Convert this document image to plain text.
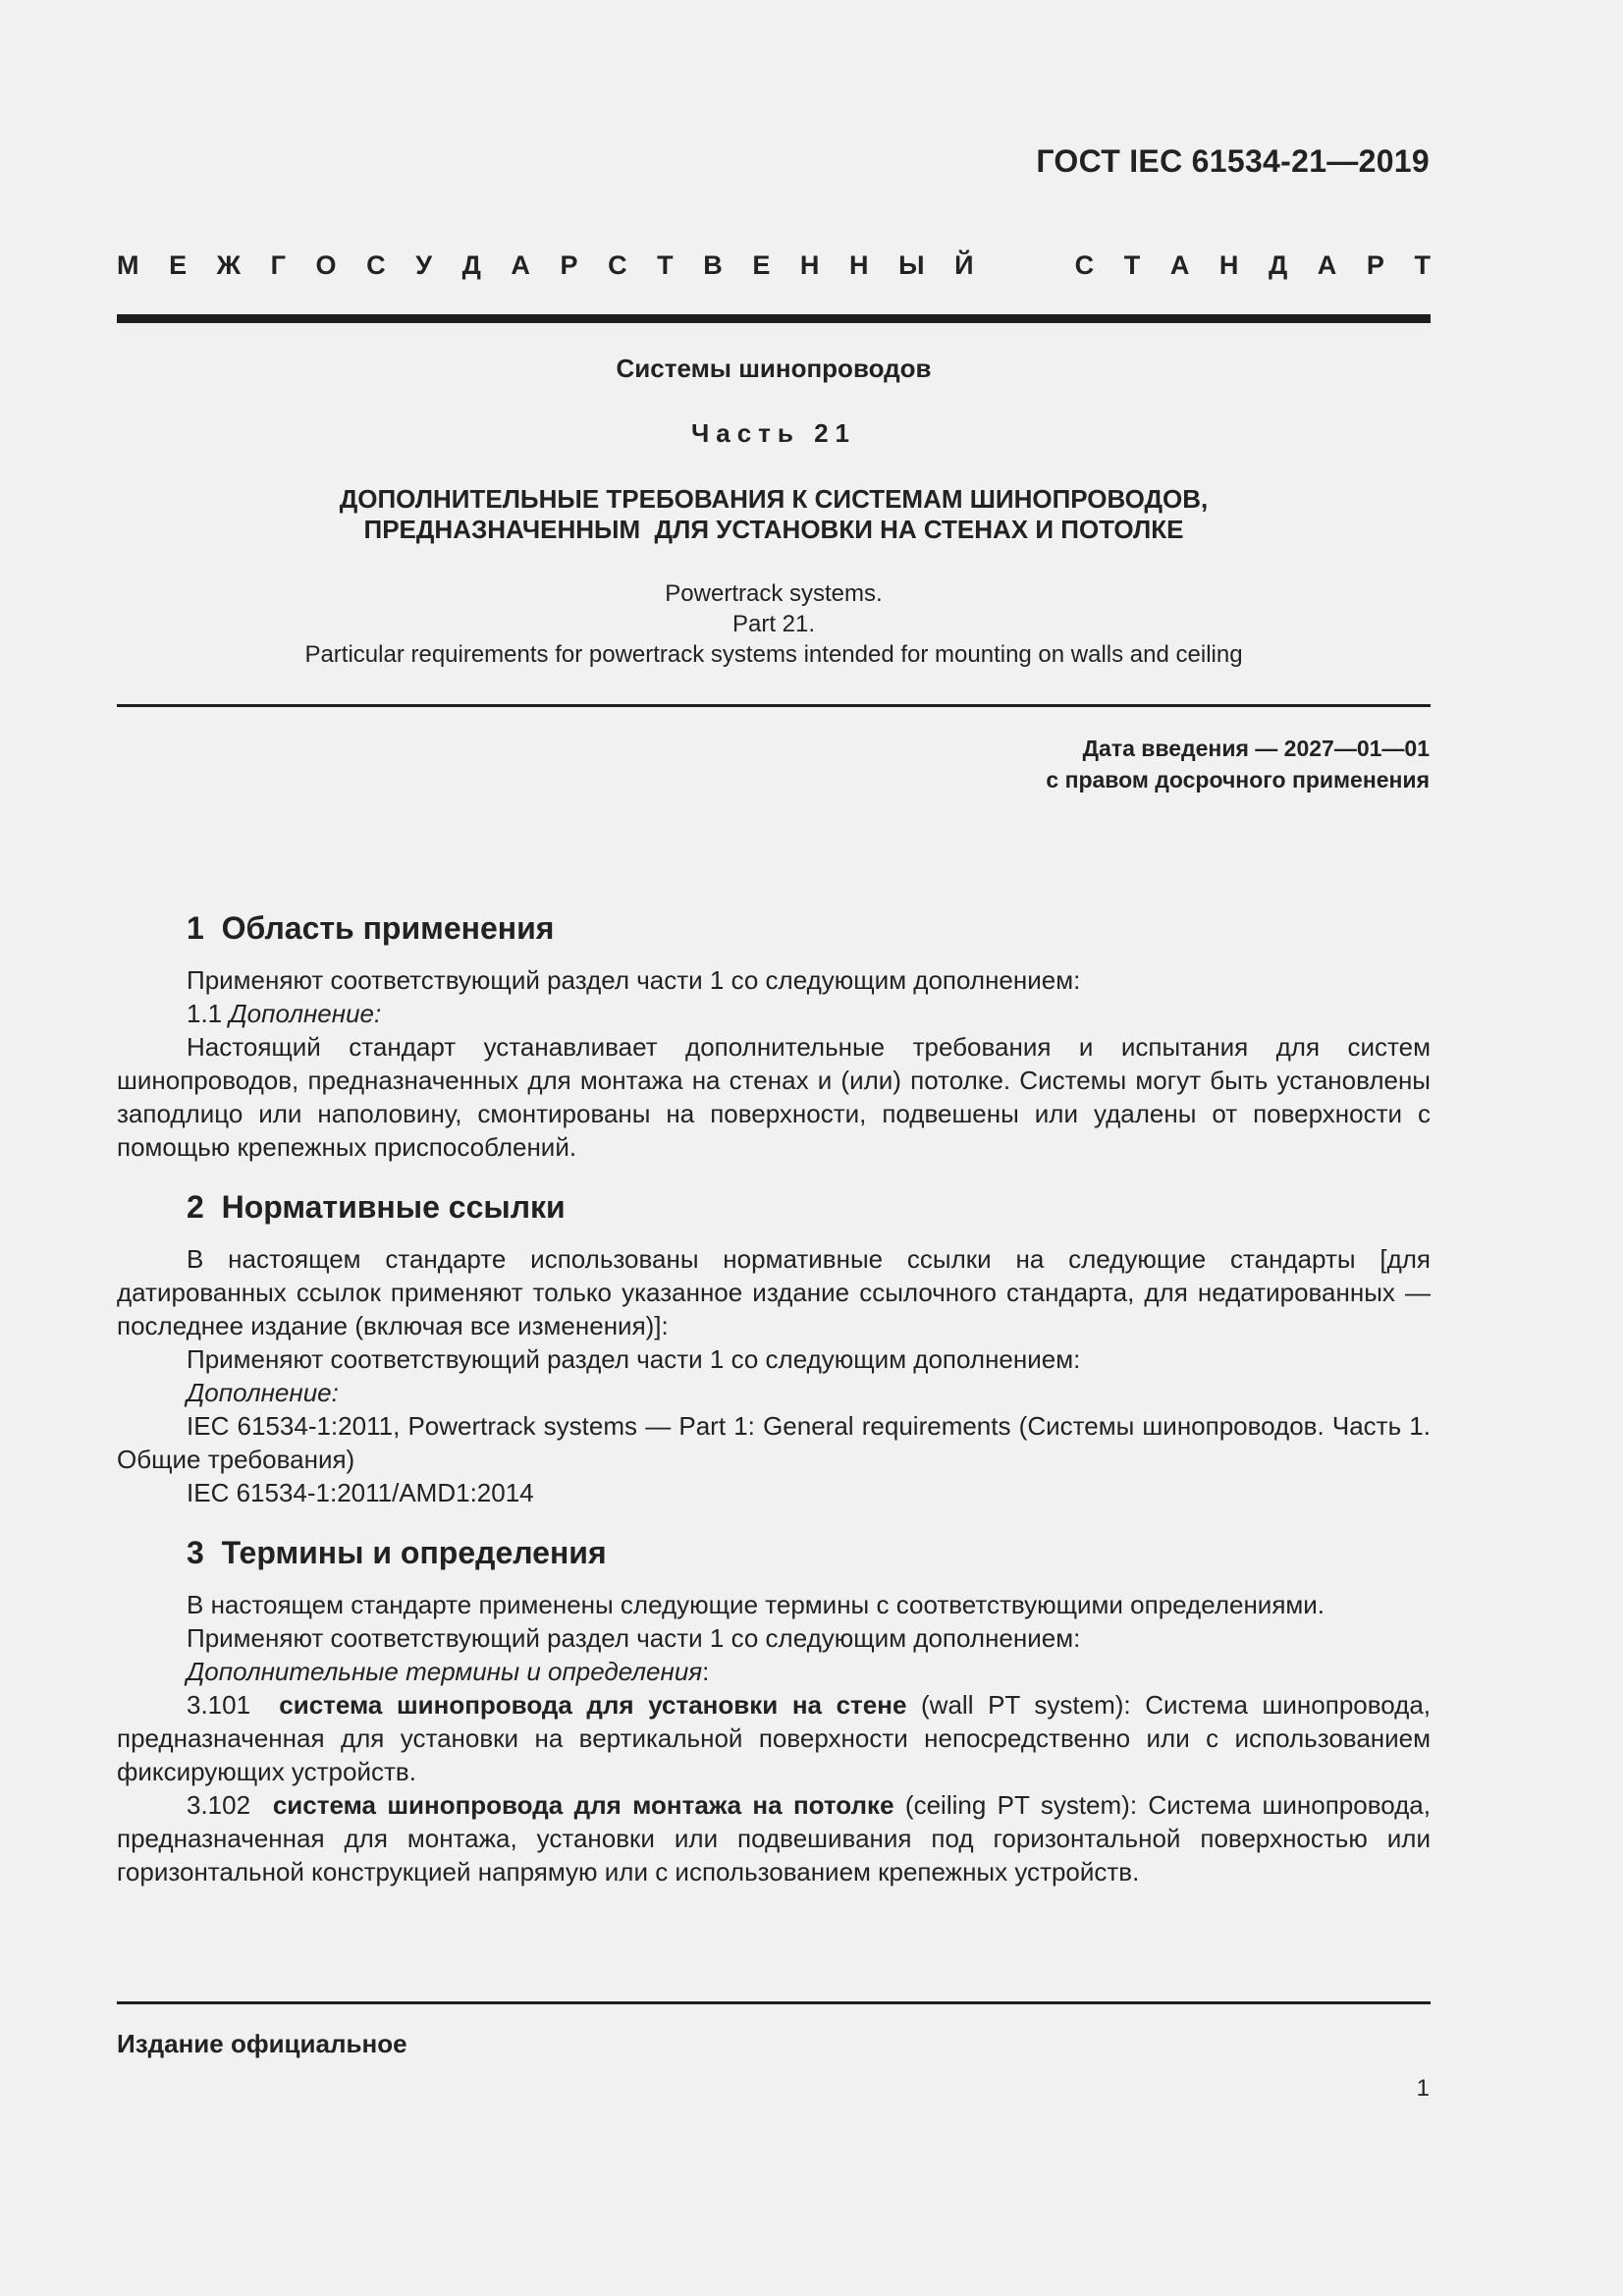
ГОСТ IEC 61534-21—2019
М Е Ж Г О С У Д А Р С Т В Е Н Н Ы Й	С Т А Н Д А Р Т
Системы шинопроводов
Часть 21
ДОПОЛНИТЕЛЬНЫЕ ТРЕБОВАНИЯ К СИСТЕМАМ ШИНОПРОВОДОВ,
ПРЕДНАЗНАЧЕННЫМ  ДЛЯ УСТАНОВКИ НА СТЕНАХ И ПОТОЛКЕ
Powertrack systems.
Part 21.
Particular requirements for powertrack systems intended for mounting on walls and ceiling
Дата введения — 2027—01—01
с правом досрочного применения
1  Область применения

Применяют соответствующий раздел части 1 со следующим дополнением:

1.1 Дополнение:

Настоящий стандарт устанавливает дополнительные требования и испытания для систем шинопроводов, предназначенных для монтажа на стенах и (или) потолке. Системы могут быть установлены заподлицо или наполовину, смонтированы на поверхности, подвешены или удалены от поверхности с помощью крепежных приспособлений.

2  Нормативные ссылки

В настоящем стандарте использованы нормативные ссылки на следующие стандарты [для датированных ссылок применяют только указанное издание ссылочного стандарта, для недатированных — последнее издание (включая все изменения)]:

Применяют соответствующий раздел части 1 со следующим дополнением:

Дополнение:

IEC 61534-1:2011, Powertrack systems — Part 1: General requirements (Системы шинопроводов. Часть 1. Общие требования)

IEC 61534-1:2011/AMD1:2014

3  Термины и определения

В настоящем стандарте применены следующие термины с соответствующими определениями.

Применяют соответствующий раздел части 1 со следующим дополнением:

Дополнительные термины и определения:

3.101  система шинопровода для установки на стене (wall PT system): Система шинопровода, предназначенная для установки на вертикальной поверхности непосредственно или с использованием фиксирующих устройств.

3.102  система шинопровода для монтажа на потолке (ceiling PT system): Система шинопровода, предназначенная для монтажа, установки или подвешивания под горизонтальной поверхностью или горизонтальной конструкцией напрямую или с использованием крепежных устройств.

Издание официальное
1
